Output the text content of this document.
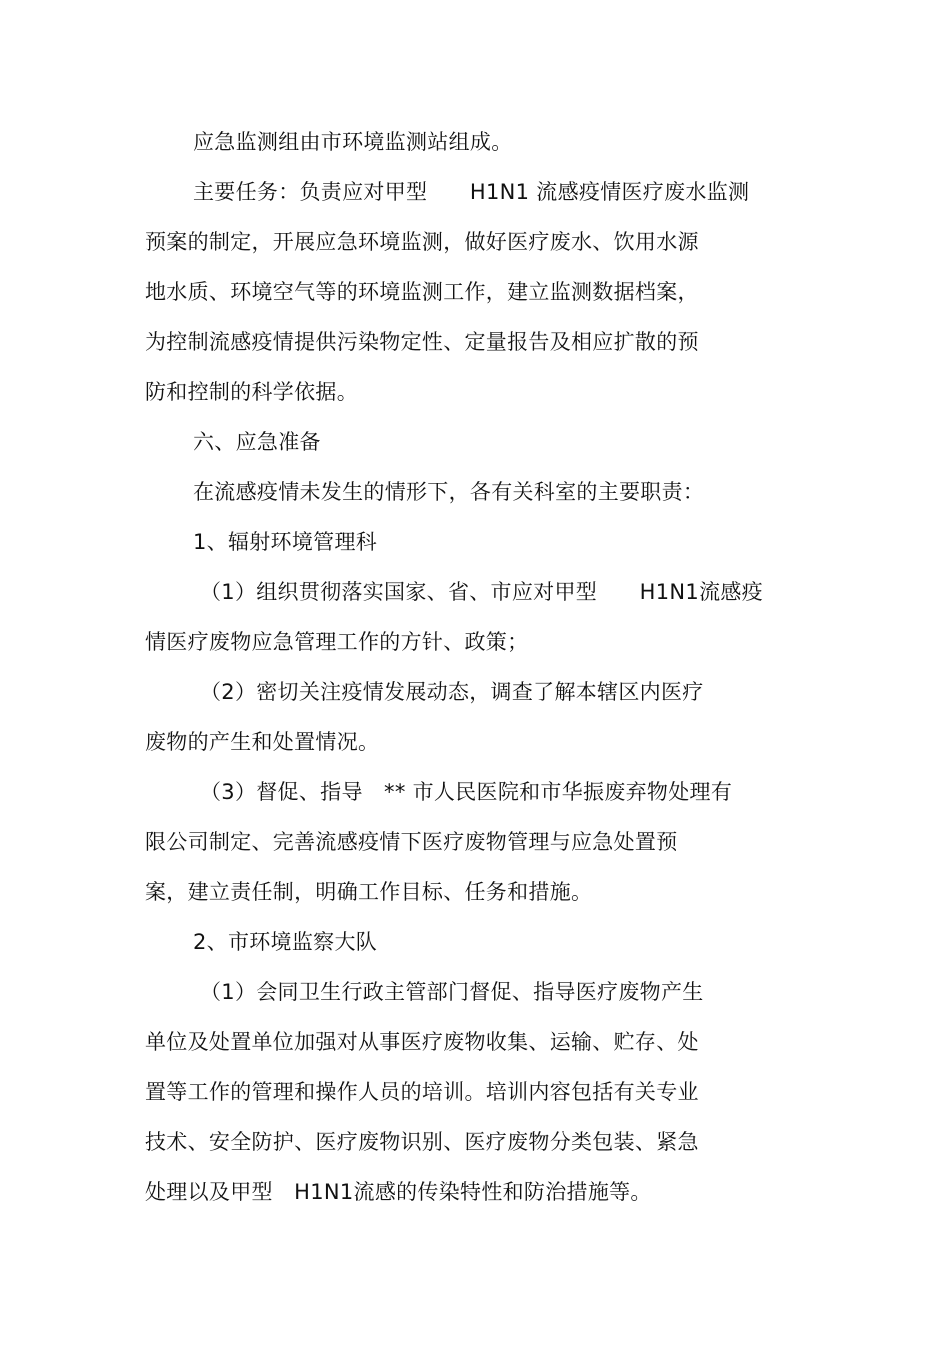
应急监测组由市环境监测站组成。
主要任务：负责应对甲型　　H1N1 流感疫情医疗废水监测
预案的制定，开展应急环境监测，做好医疗废水、饮用水源
地水质、环境空气等的环境监测工作，建立监测数据档案，
为控制流感疫情提供污染物定性、定量报告及相应扩散的预
防和控制的科学依据。
六、应急准备
在流感疫情未发生的情形下，各有关科室的主要职责：
1、辐射环境管理科
（1）组织贯彻落实国家、省、市应对甲型　　H1N1流感疫
情医疗废物应急管理工作的方针、政策；
（2）密切关注疫情发展动态，调查了解本辖区内医疗
废物的产生和处置情况。
（3）督促、指导　** 市人民医院和市华振废弃物处理有
限公司制定、完善流感疫情下医疗废物管理与应急处置预
案，建立责任制，明确工作目标、任务和措施。
2、市环境监察大队
（1）会同卫生行政主管部门督促、指导医疗废物产生
单位及处置单位加强对从事医疗废物收集、运输、贮存、处
置等工作的管理和操作人员的培训。培训内容包括有关专业
技术、安全防护、医疗废物识别、医疗废物分类包装、紧急
处理以及甲型　H1N1流感的传染特性和防治措施等。
